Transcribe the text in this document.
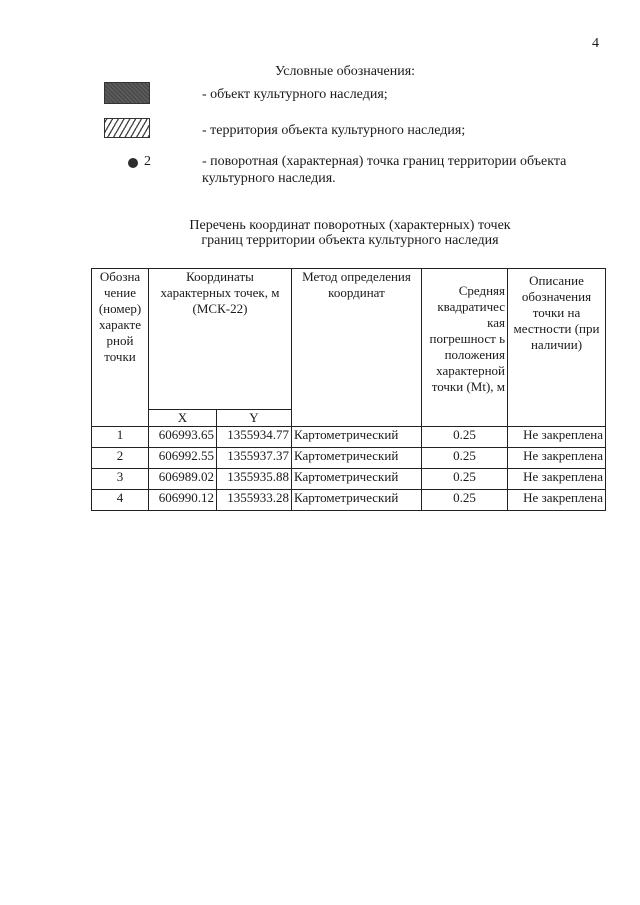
4
Условные обозначения:
- объект культурного наследия;
- территория объекта культурного наследия;
2	- поворотная (характерная) точка границ территории объекта культурного наследия.
Перечень координат поворотных (характерных) точек
границ территории объекта культурного наследия
Обозна чение (номер) характе рной точки	Координаты характерных точек, м (МСК-22)		Метод определения координат	Средняя квадратичес кая погрешност ь положения характерной точки (Mt), м	Описание обозначения точки на местности (при наличии)
	X	Y			
1	606993.65	1355934.77	Картометрический	0.25	Не закреплена
2	606992.55	1355937.37	Картометрический	0.25	Не закреплена
3	606989.02	1355935.88	Картометрический	0.25	Не закреплена
4	606990.12	1355933.28	Картометрический	0.25	Не закреплена
